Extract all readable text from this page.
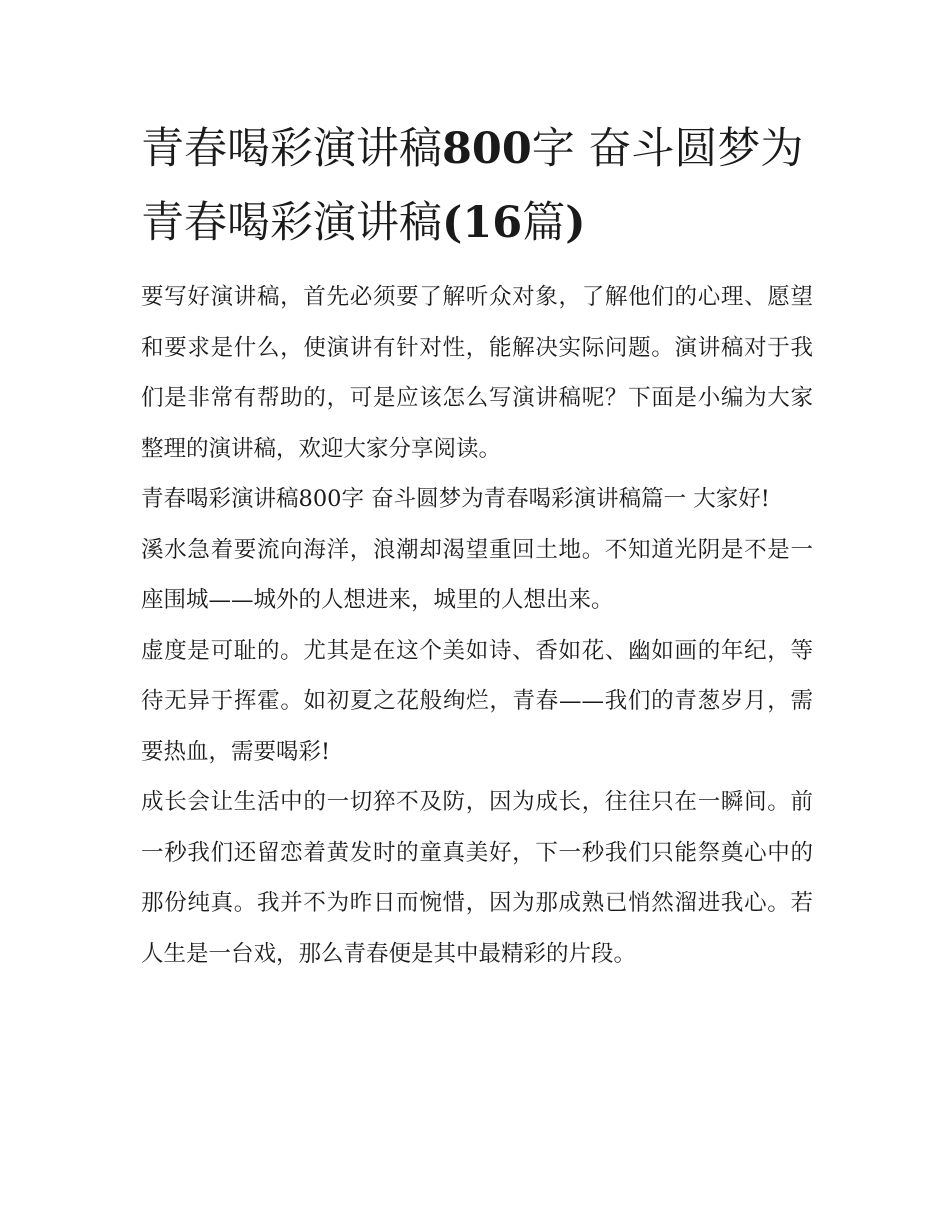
青春喝彩演讲稿800字 奋斗圆梦为青春喝彩演讲稿(16篇)

要写好演讲稿，首先必须要了解听众对象，了解他们的心理、愿望和要求是什么，使演讲有针对性，能解决实际问题。演讲稿对于我们是非常有帮助的，可是应该怎么写演讲稿呢？下面是小编为大家整理的演讲稿，欢迎大家分享阅读。

青春喝彩演讲稿800字 奋斗圆梦为青春喝彩演讲稿篇一 大家好!

溪水急着要流向海洋，浪潮却渴望重回土地。不知道光阴是不是一座围城——城外的人想进来，城里的人想出来。

虚度是可耻的。尤其是在这个美如诗、香如花、幽如画的年纪，等待无异于挥霍。如初夏之花般绚烂，青春——我们的青葱岁月，需要热血，需要喝彩!

成长会让生活中的一切猝不及防，因为成长，往往只在一瞬间。前一秒我们还留恋着黄发时的童真美好，下一秒我们只能祭奠心中的那份纯真。我并不为昨日而惋惜，因为那成熟已悄然溜进我心。若人生是一台戏，那么青春便是其中最精彩的片段。
